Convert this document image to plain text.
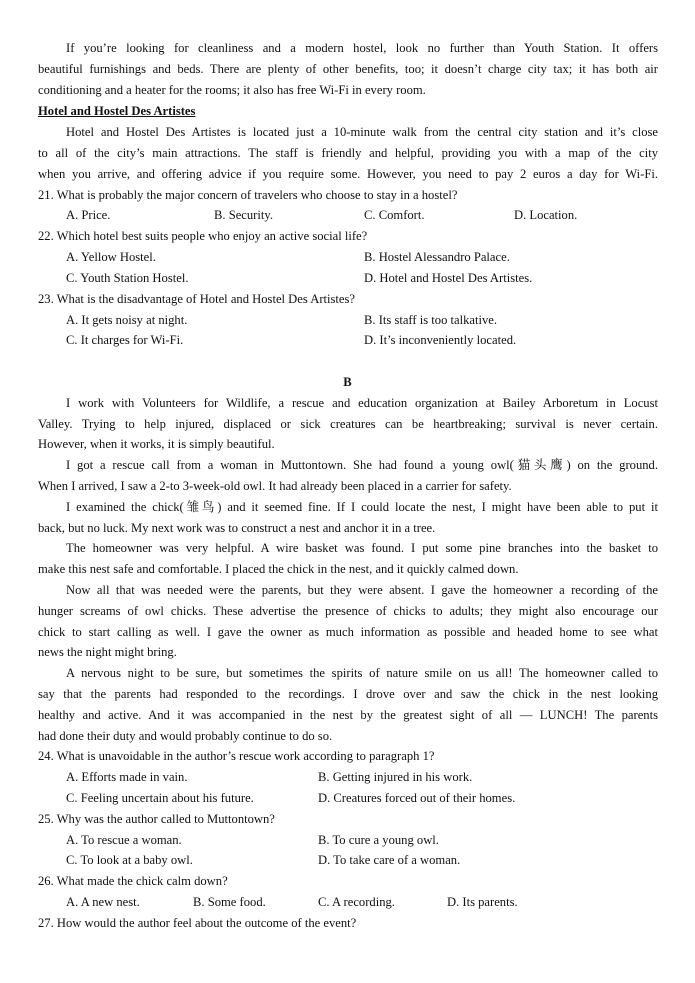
If you’re looking for cleanliness and a modern hostel, look no further than Youth Station. It offers
beautiful furnishings and beds. There are plenty of other benefits, too; it doesn’t charge city tax; it has both air
conditioning and a heater for the rooms; it also has free Wi-Fi in every room.
Hotel and Hostel Des Artistes
Hotel and Hostel Des Artistes is located just a 10-minute walk from the central city station and it’s close
to all of the city’s main attractions. The staff is friendly and helpful, providing you with a map of the city
when you arrive, and offering advice if you require some. However, you need to pay 2 euros a day for Wi-Fi.
21. What is probably the major concern of travelers who choose to stay in a hostel?
A. Price.	B. Security.	C. Comfort.	D. Location.
22. Which hotel best suits people who enjoy an active social life?
A. Yellow Hostel.	B. Hostel Alessandro Palace.
C. Youth Station Hostel.	D. Hotel and Hostel Des Artistes.
23. What is the disadvantage of Hotel and Hostel Des Artistes?
A. It gets noisy at night.	B. Its staff is too talkative.
C. It charges for Wi-Fi.	D. It’s inconveniently located.
B
I work with Volunteers for Wildlife, a rescue and education organization at Bailey Arboretum in Locust
Valley. Trying to help injured, displaced or sick creatures can be heartbreaking; survival is never certain.
However, when it works, it is simply beautiful.
I got a rescue call from a woman in Muttontown. She had found a young owl(猫头鹰) on the ground.
When I arrived, I saw a 2-to 3-week-old owl. It had already been placed in a carrier for safety.
I examined the chick(雏鸟) and it seemed fine. If I could locate the nest, I might have been able to put it
back, but no luck. My next work was to construct a nest and anchor it in a tree.
The homeowner was very helpful. A wire basket was found. I put some pine branches into the basket to
make this nest safe and comfortable. I placed the chick in the nest, and it quickly calmed down.
Now all that was needed were the parents, but they were absent. I gave the homeowner a recording of the
hunger screams of owl chicks. These advertise the presence of chicks to adults; they might also encourage our
chick to start calling as well. I gave the owner as much information as possible and headed home to see what
news the night might bring.
A nervous night to be sure, but sometimes the spirits of nature smile on us all! The homeowner called to
say that the parents had responded to the recordings. I drove over and saw the chick in the nest looking
healthy and active. And it was accompanied in the nest by the greatest sight of all — LUNCH! The parents
had done their duty and would probably continue to do so.
24. What is unavoidable in the author’s rescue work according to paragraph 1?
A. Efforts made in vain.	B. Getting injured in his work.
C. Feeling uncertain about his future.	D. Creatures forced out of their homes.
25. Why was the author called to Muttontown?
A. To rescue a woman.	B. To cure a young owl.
C. To look at a baby owl.	D. To take care of a woman.
26. What made the chick calm down?
A. A new nest.	B. Some food.	C. A recording.	D. Its parents.
27. How would the author feel about the outcome of the event?
